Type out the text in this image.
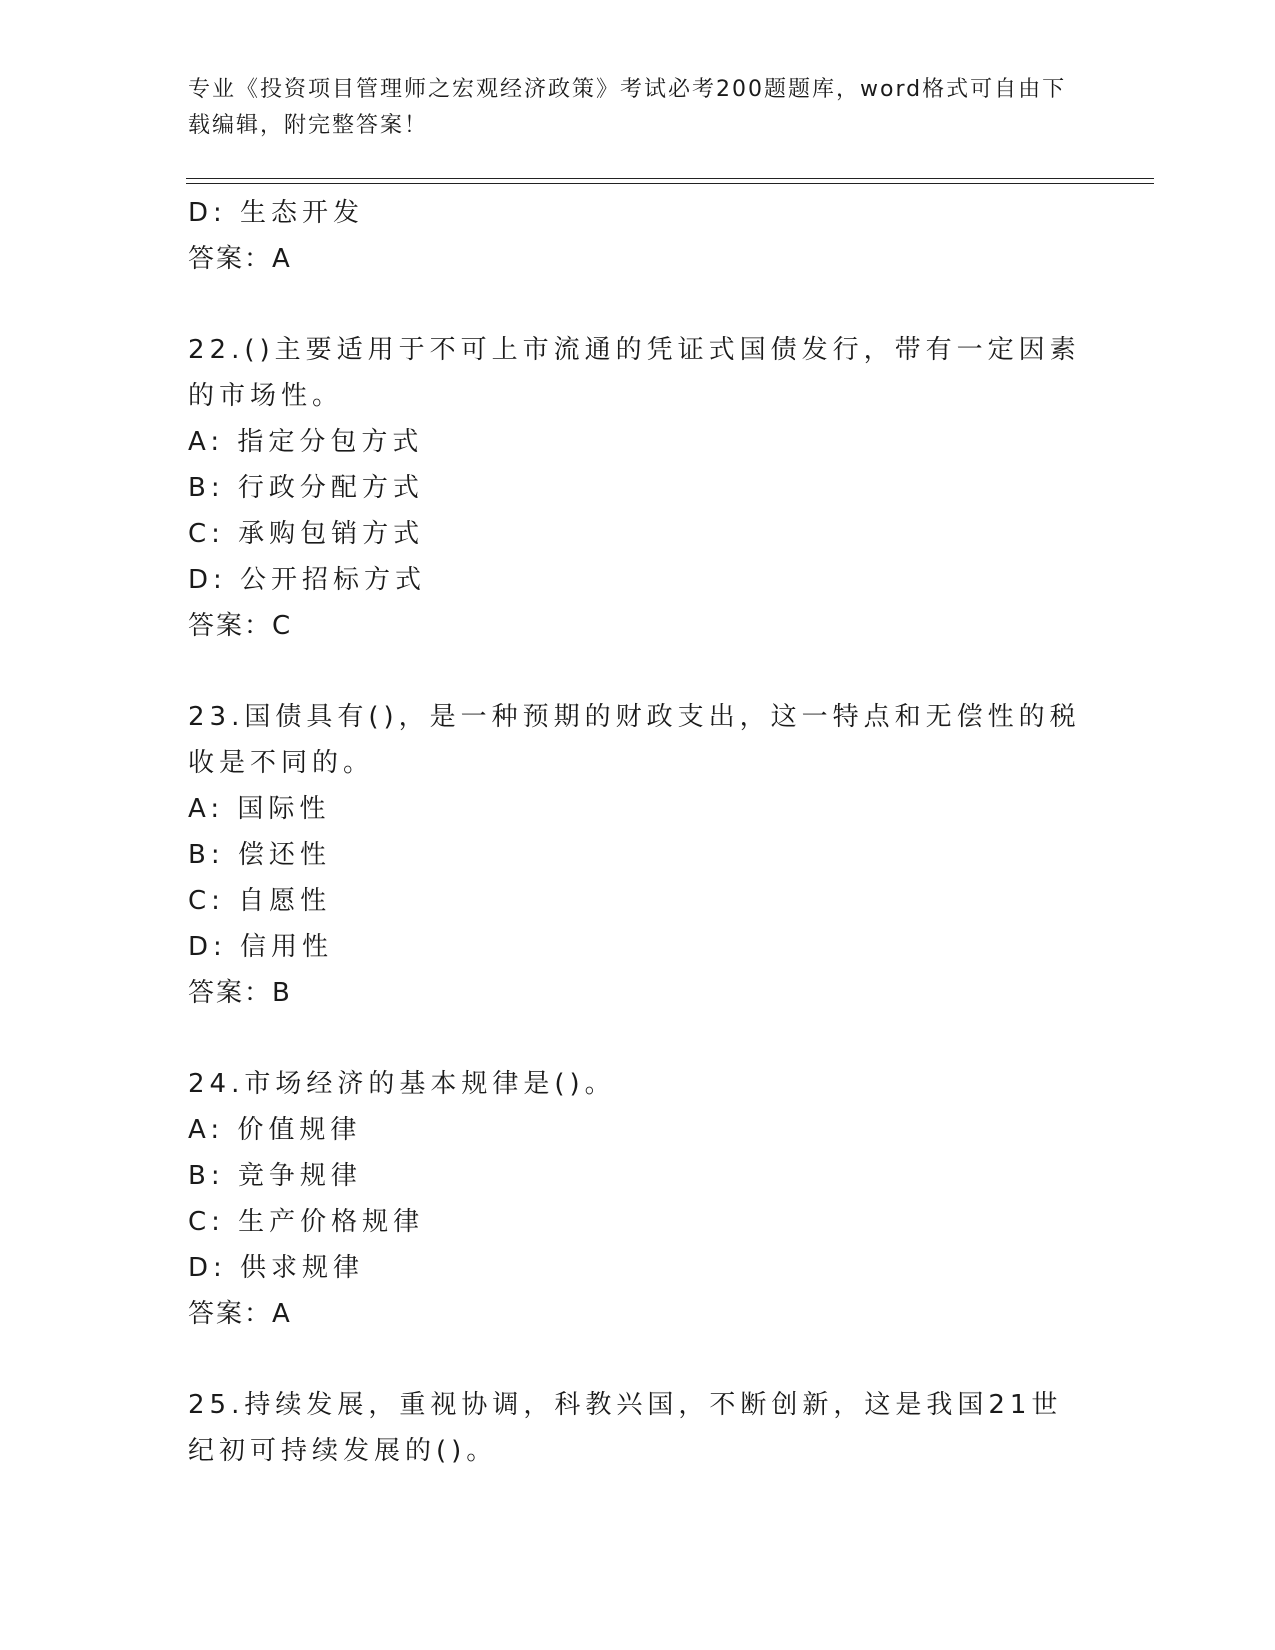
专业《投资项目管理师之宏观经济政策》考试必考200题题库，word格式可自由下载编辑，附完整答案！
D: 生态开发
答案：A
22.()主要适用于不可上市流通的凭证式国债发行，带有一定因素的市场性。
A: 指定分包方式
B: 行政分配方式
C: 承购包销方式
D: 公开招标方式
答案：C
23.国债具有()，是一种预期的财政支出，这一特点和无偿性的税收是不同的。
A: 国际性
B: 偿还性
C: 自愿性
D: 信用性
答案：B
24.市场经济的基本规律是()。
A: 价值规律
B: 竞争规律
C: 生产价格规律
D: 供求规律
答案：A
25.持续发展，重视协调，科教兴国，不断创新，这是我国21世纪初可持续发展的()。
